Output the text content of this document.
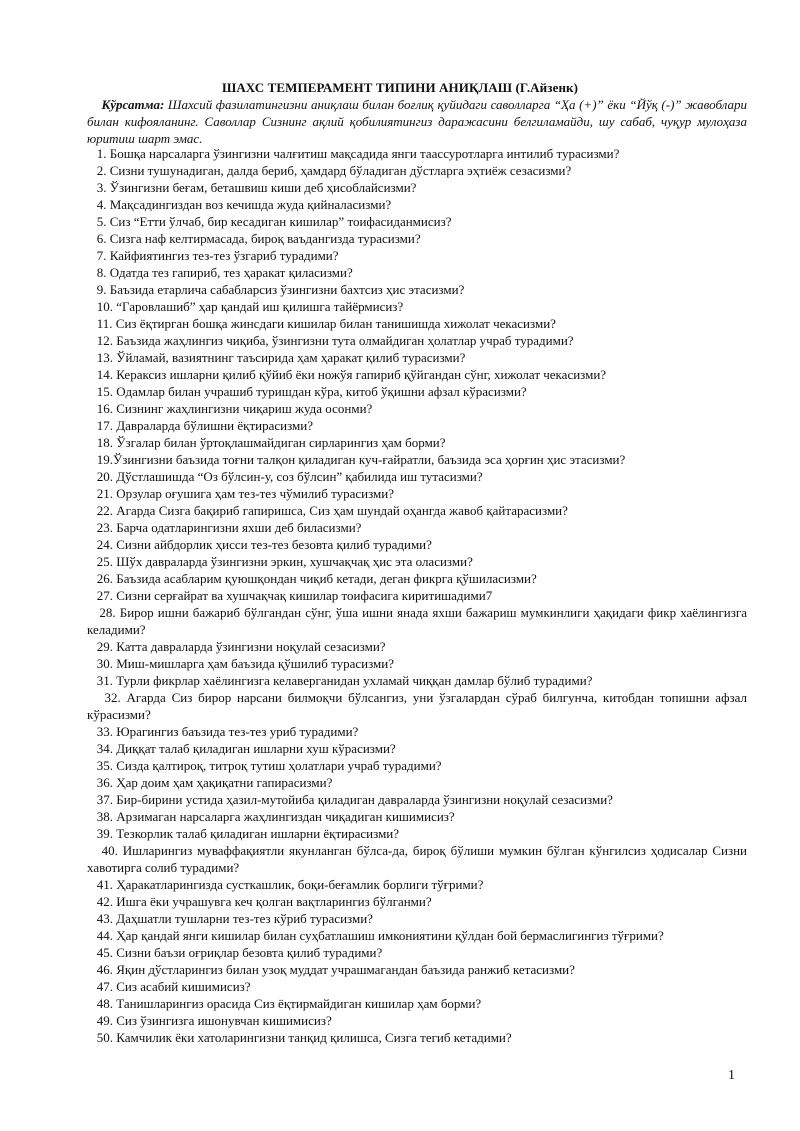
ШАХС ТЕМПЕРАМЕНТ ТИПИНИ АНИҚЛАШ (Г.Айзенк)

Кўрсатма: Шахсий фазилатингизни аниқлаш билан боғлиқ қуйидаги саволларга “Ҳа (+)” ёки “Йўқ (-)” жавоблари билан кифояланинг. Саволлар Сизнинг ақлий қобилиятингиз даражасини белгиламайди, шу сабаб, чуқур мулоҳаза юритиш шарт эмас.

1. Бошқа нарсаларга ўзингизни чалғитиш мақсадида янги таассуротларга интилиб турасизми?
2. Сизни тушунадиган, далда бериб, ҳамдард бўладиган дўстларга эҳтиёж сезасизми?
3. Ўзингизни беғам, беташвиш киши деб ҳисоблайсизми?
4. Мақсадингиздан воз кечишда жуда қийналасизми?
5. Сиз “Етти ўлчаб, бир кесадиган кишилар” тоифасиданмисиз?
6. Сизга наф келтирмасада, бироқ ваъдангизда турасизми?
7. Кайфиятингиз тез-тез ўзгариб турадими?
8. Одатда тез гапириб, тез ҳаракат қиласизми?
9. Баъзида етарлича сабабларсиз ўзингизни бахтсиз ҳис этасизми?
10. “Гаровлашиб” ҳар қандай иш қилишга тайёрмисиз?
11. Сиз ёқтирган бошқа жинсдаги кишилар билан танишишда хижолат чекасизми?
12. Баъзида жаҳлингиз чиқиба, ўзингизни тута олмайдиган ҳолатлар учраб турадими?
13. Ўйламай, вазиятнинг таъсирида ҳам ҳаракат қилиб турасизми?
14. Кераксиз ишларни қилиб қўйиб ёки ножўя гапириб қўйгандан сўнг, хижолат чекасизми?
15. Одамлар билан учрашиб туришдан кўра, китоб ўқишни афзал кўрасизми?
16. Сизнинг жаҳлингизни чиқариш жуда осонми?
17. Давраларда бўлишни ёқтирасизми?
18. Ўзгалар билан ўртоқлашмайдиган сирларингиз ҳам борми?
19.Ўзингизни баъзида тоғни талқон қиладиган куч-ғайратли, баъзида эса ҳорғин ҳис этасизми?
20. Дўстлашишда “Оз бўлсин-у, соз бўлсин” қабилида иш тутасизми?
21. Орзулар оғушига ҳам тез-тез чўмилиб турасизми?
22. Агарда Сизга бақириб гапиришса, Сиз ҳам шундай оҳангда жавоб қайтарасизми?
23. Барча одатларингизни яхши деб биласизми?
24. Сизни айбдорлик ҳисси тез-тез безовта қилиб турадими?
25. Шўх давраларда ўзингизни эркин, хушчақчақ ҳис эта оласизми?
26. Баъзида асабларим қуюшқондан чиқиб кетади, деган фикрга қўшиласизми?
27. Сизни серғайрат ва хушчақчақ кишилар тоифасига киритишадими7
28. Бирор ишни бажариб бўлгандан сўнг, ўша ишни янада яхши бажариш мумкинлиги ҳақидаги фикр хаёлингизга келадими?
29. Катта давраларда ўзингизни ноқулай сезасизми?
30. Миш-мишларга ҳам баъзида қўшилиб турасизми?
31. Турли фикрлар хаёлингизга келаверганидан ухламай чиққан дамлар бўлиб турадими?
32. Агарда Сиз бирор нарсани билмоқчи бўлсангиз, уни ўзгалардан сўраб билгунча, китобдан топишни афзал кўрасизми?
33. Юрагингиз баъзида тез-тез уриб турадими?
34. Диққат талаб қиладиган ишларни хуш кўрасизми?
35. Сизда қалтироқ, титроқ тутиш ҳолатлари учраб турадими?
36. Ҳар доим ҳам ҳақиқатни гапирасизми?
37. Бир-бирини устида ҳазил-мутойиба қиладиган давраларда ўзингизни ноқулай сезасизми?
38. Арзимаган нарсаларга жаҳлингиздан чиқадиган кишимисиз?
39. Тезкорлик талаб қиладиган ишларни ёқтирасизми?
40. Ишларингиз муваффақиятли якунланган бўлса-да, бироқ бўлиши мумкин бўлган кўнгилсиз ҳодисалар Сизни хавотирга солиб турадими?
41. Ҳаракатларингизда сусткашлик, боқи-беғамлик борлиги тўғрими?
42. Ишга ёки учрашувга кеч қолган вақтларингиз бўлганми?
43. Даҳшатли тушларни тез-тез кўриб турасизми?
44. Ҳар қандай янги кишилар билан суҳбатлашиш имкониятини қўлдан бой бермаслигингиз тўғрими?
45. Сизни баъзи оғриқлар безовта қилиб турадими?
46. Яқин дўстларингиз билан узоқ муддат учрашмагандан баъзида ранжиб кетасизми?
47. Сиз асабий кишимисиз?
48. Танишларингиз орасида Сиз ёқтирмайдиган кишилар ҳам борми?
49. Сиз ўзингизга ишонувчан кишимисиз?
50. Камчилик ёки хатоларингизни танқид қилишса, Сизга тегиб кетадими?

1
